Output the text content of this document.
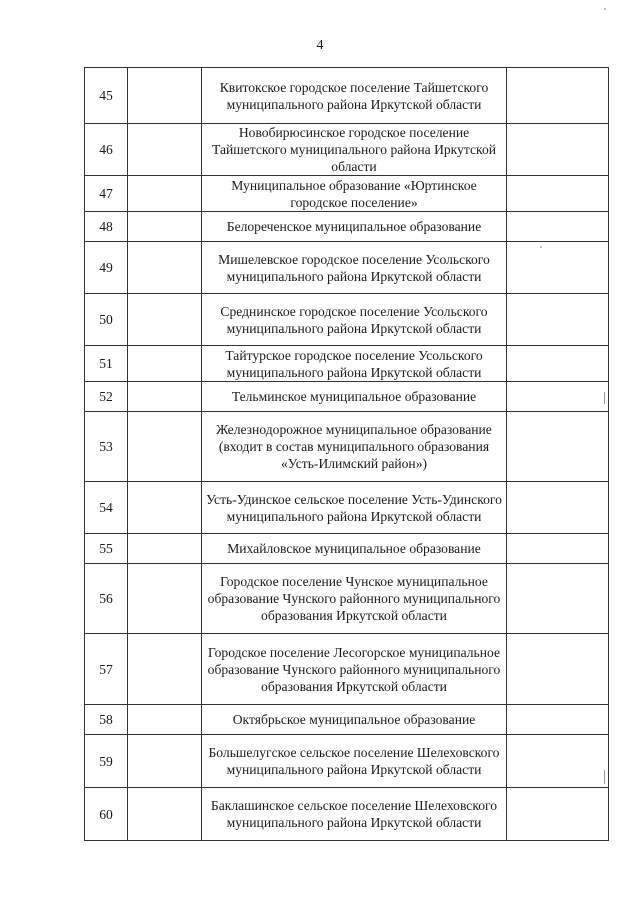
4
45		Квитокское городское поселение Тайшетского муниципального района Иркутской области	
46		Новобирюсинское городское поселение Тайшетского муниципального района Иркутской области	
47		Муниципальное образование «Юртинское городское поселение»	
48		Белореченское муниципальное образование	
49		Мишелевское городское поселение Усольского муниципального района Иркутской области	
50		Среднинское городское поселение Усольского муниципального района Иркутской области	
51		Тайтурское городское поселение Усольского муниципального района Иркутской области	
52		Тельминское муниципальное образование	
53		Железнодорожное муниципальное образование (входит в состав муниципального образования «Усть-Илимский район»)	
54		Усть-Удинское сельское поселение Усть-Удинского муниципального района Иркутской области	
55		Михайловское муниципальное образование	
56		Городское поселение Чунское муниципальное образование Чунского районного муниципального образования Иркутской области	
57		Городское поселение Лесогорское муниципальное образование Чунского районного муниципального образования Иркутской области	
58		Октябрьское муниципальное образование	
59		Большелугское сельское поселение Шелеховского муниципального района Иркутской области	
60		Баклашинское сельское поселение Шелеховского муниципального района Иркутской области	
